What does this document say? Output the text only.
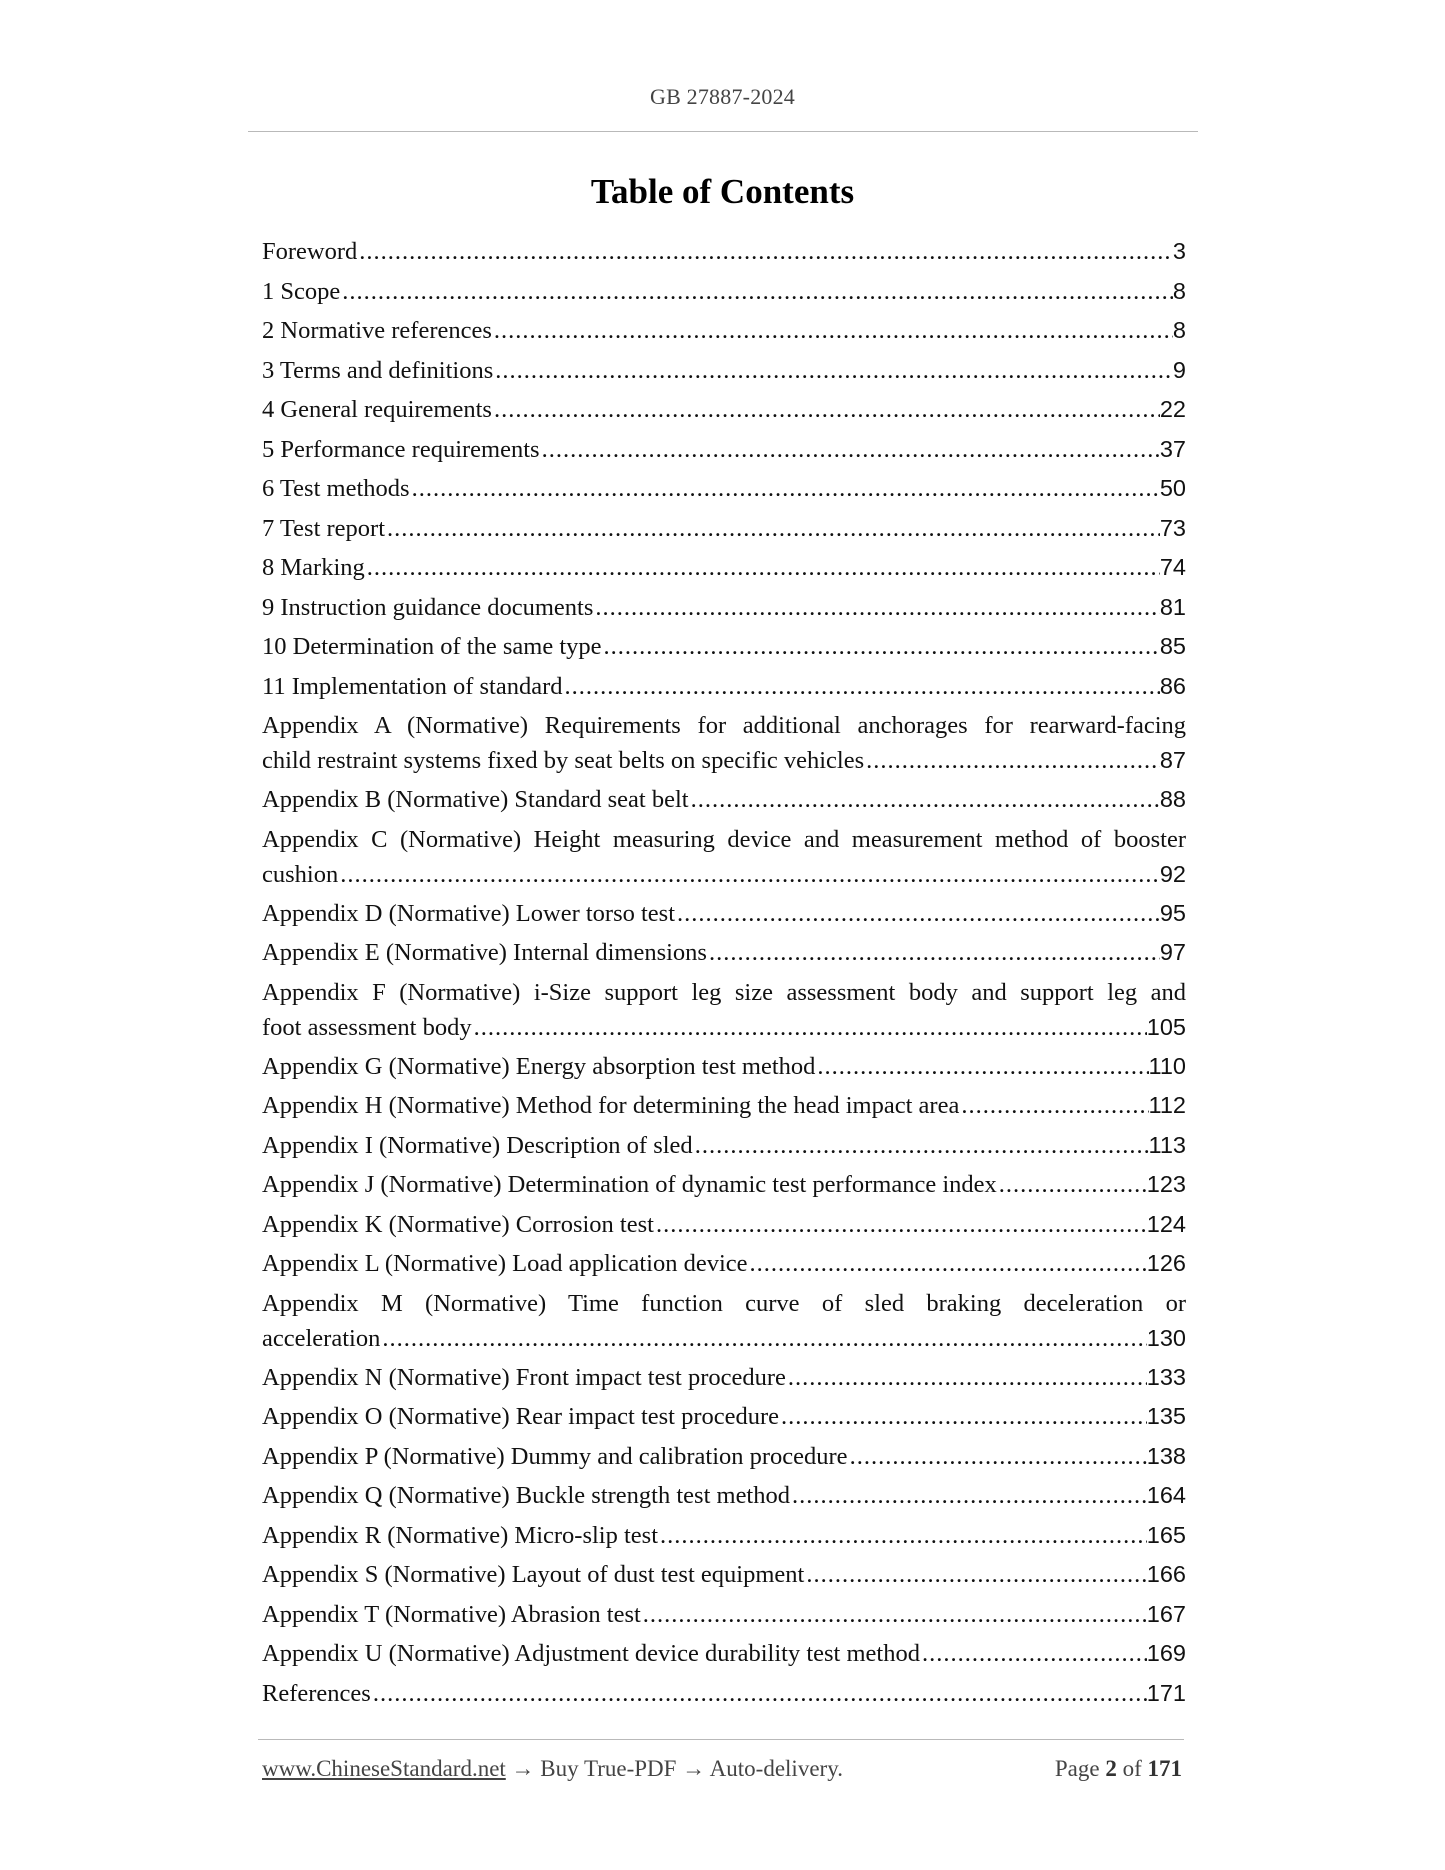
GB 27887-2024
Table of Contents
Foreword .....	3
1 Scope .....	8
2 Normative references .....	8
3 Terms and definitions .....	9
4 General requirements .....	22
5 Performance requirements .....	37
6 Test methods .....	50
7 Test report .....	73
8 Marking .....	74
9 Instruction guidance documents .....	81
10 Determination of the same type .....	85
11 Implementation of standard .....	86
Appendix A (Normative) Requirements for additional anchorages for rearward-facing
child restraint systems fixed by seat belts on specific vehicles .....	87
Appendix B (Normative) Standard seat belt .....	88
Appendix C (Normative) Height measuring device and measurement method of booster
cushion .....	92
Appendix D (Normative) Lower torso test .....	95
Appendix E (Normative) Internal dimensions .....	97
Appendix F (Normative) i-Size support leg size assessment body and support leg and
foot assessment body .....	105
Appendix G (Normative) Energy absorption test method .....	110
Appendix H (Normative) Method for determining the head impact area .....	112
Appendix I (Normative) Description of sled .....	113
Appendix J (Normative) Determination of dynamic test performance index .....	123
Appendix K (Normative) Corrosion test .....	124
Appendix L (Normative) Load application device .....	126
Appendix M (Normative) Time function curve of sled braking deceleration or
acceleration .....	130
Appendix N (Normative) Front impact test procedure .....	133
Appendix O (Normative) Rear impact test procedure .....	135
Appendix P (Normative) Dummy and calibration procedure .....	138
Appendix Q (Normative) Buckle strength test method .....	164
Appendix R (Normative) Micro-slip test .....	165
Appendix S (Normative) Layout of dust test equipment .....	166
Appendix T (Normative) Abrasion test .....	167
Appendix U (Normative) Adjustment device durability test method .....	169
References .....	171
www.ChineseStandard.net → Buy True-PDF → Auto-delivery.	Page 2 of 171
